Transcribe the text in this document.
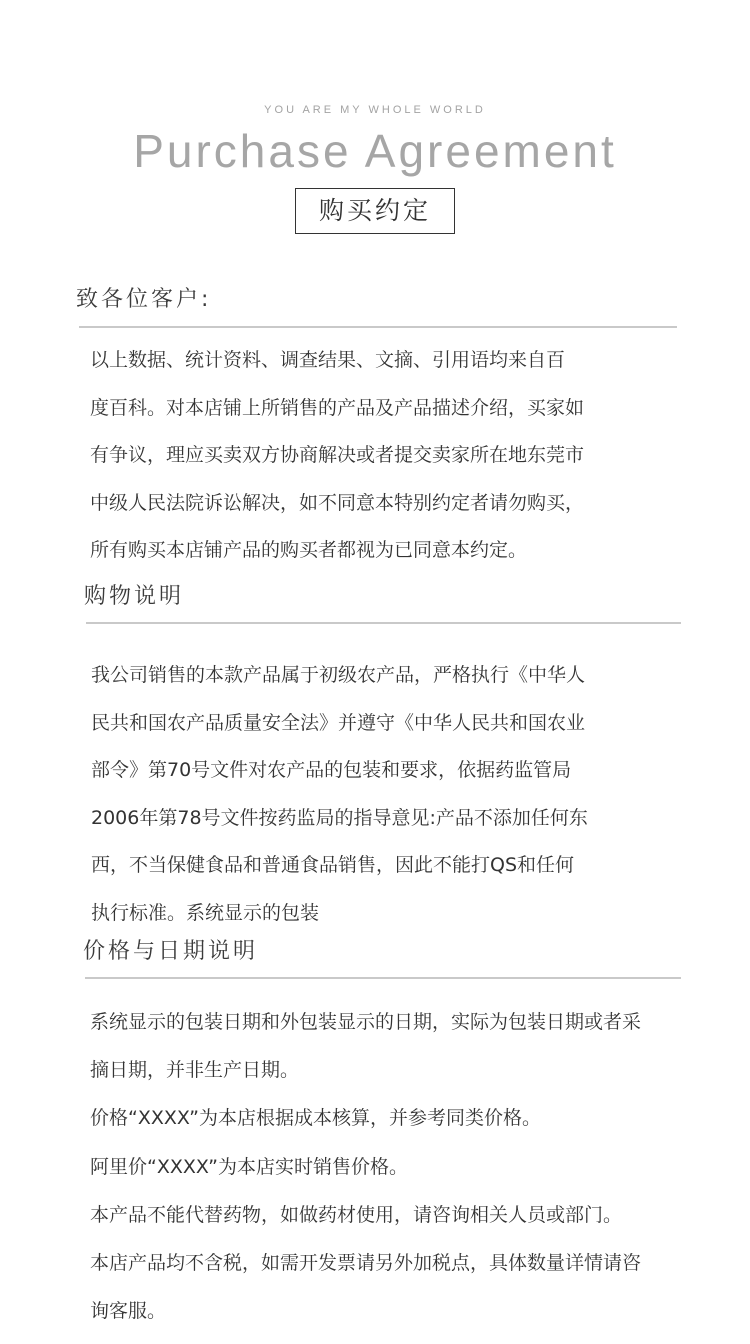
YOU ARE MY WHOLE WORLD
Purchase Agreement
购买约定
致各位客户:
以上数据、统计资料、调查结果、文摘、引用语均来自百
度百科。对本店铺上所销售的产品及产品描述介绍，买家如
有争议，理应买卖双方协商解决或者提交卖家所在地东莞市
中级人民法院诉讼解决，如不同意本特别约定者请勿购买，
所有购买本店铺产品的购买者都视为已同意本约定。
购物说明
我公司销售的本款产品属于初级农产品，严格执行《中华人
民共和国农产品质量安全法》并遵守《中华人民共和国农业
部令》第70号文件对农产品的包装和要求，依据药监管局
2006年第78号文件按药监局的指导意见:产品不添加任何东
西，不当保健食品和普通食品销售，因此不能打QS和任何
执行标准。系统显示的包装
价格与日期说明
系统显示的包装日期和外包装显示的日期，实际为包装日期或者采
摘日期，并非生产日期。
价格“XXXX”为本店根据成本核算，并参考同类价格。
阿里价“XXXX”为本店实时销售价格。
本产品不能代替药物，如做药材使用，请咨询相关人员或部门。
本店产品均不含税，如需开发票请另外加税点，具体数量详情请咨
询客服。
